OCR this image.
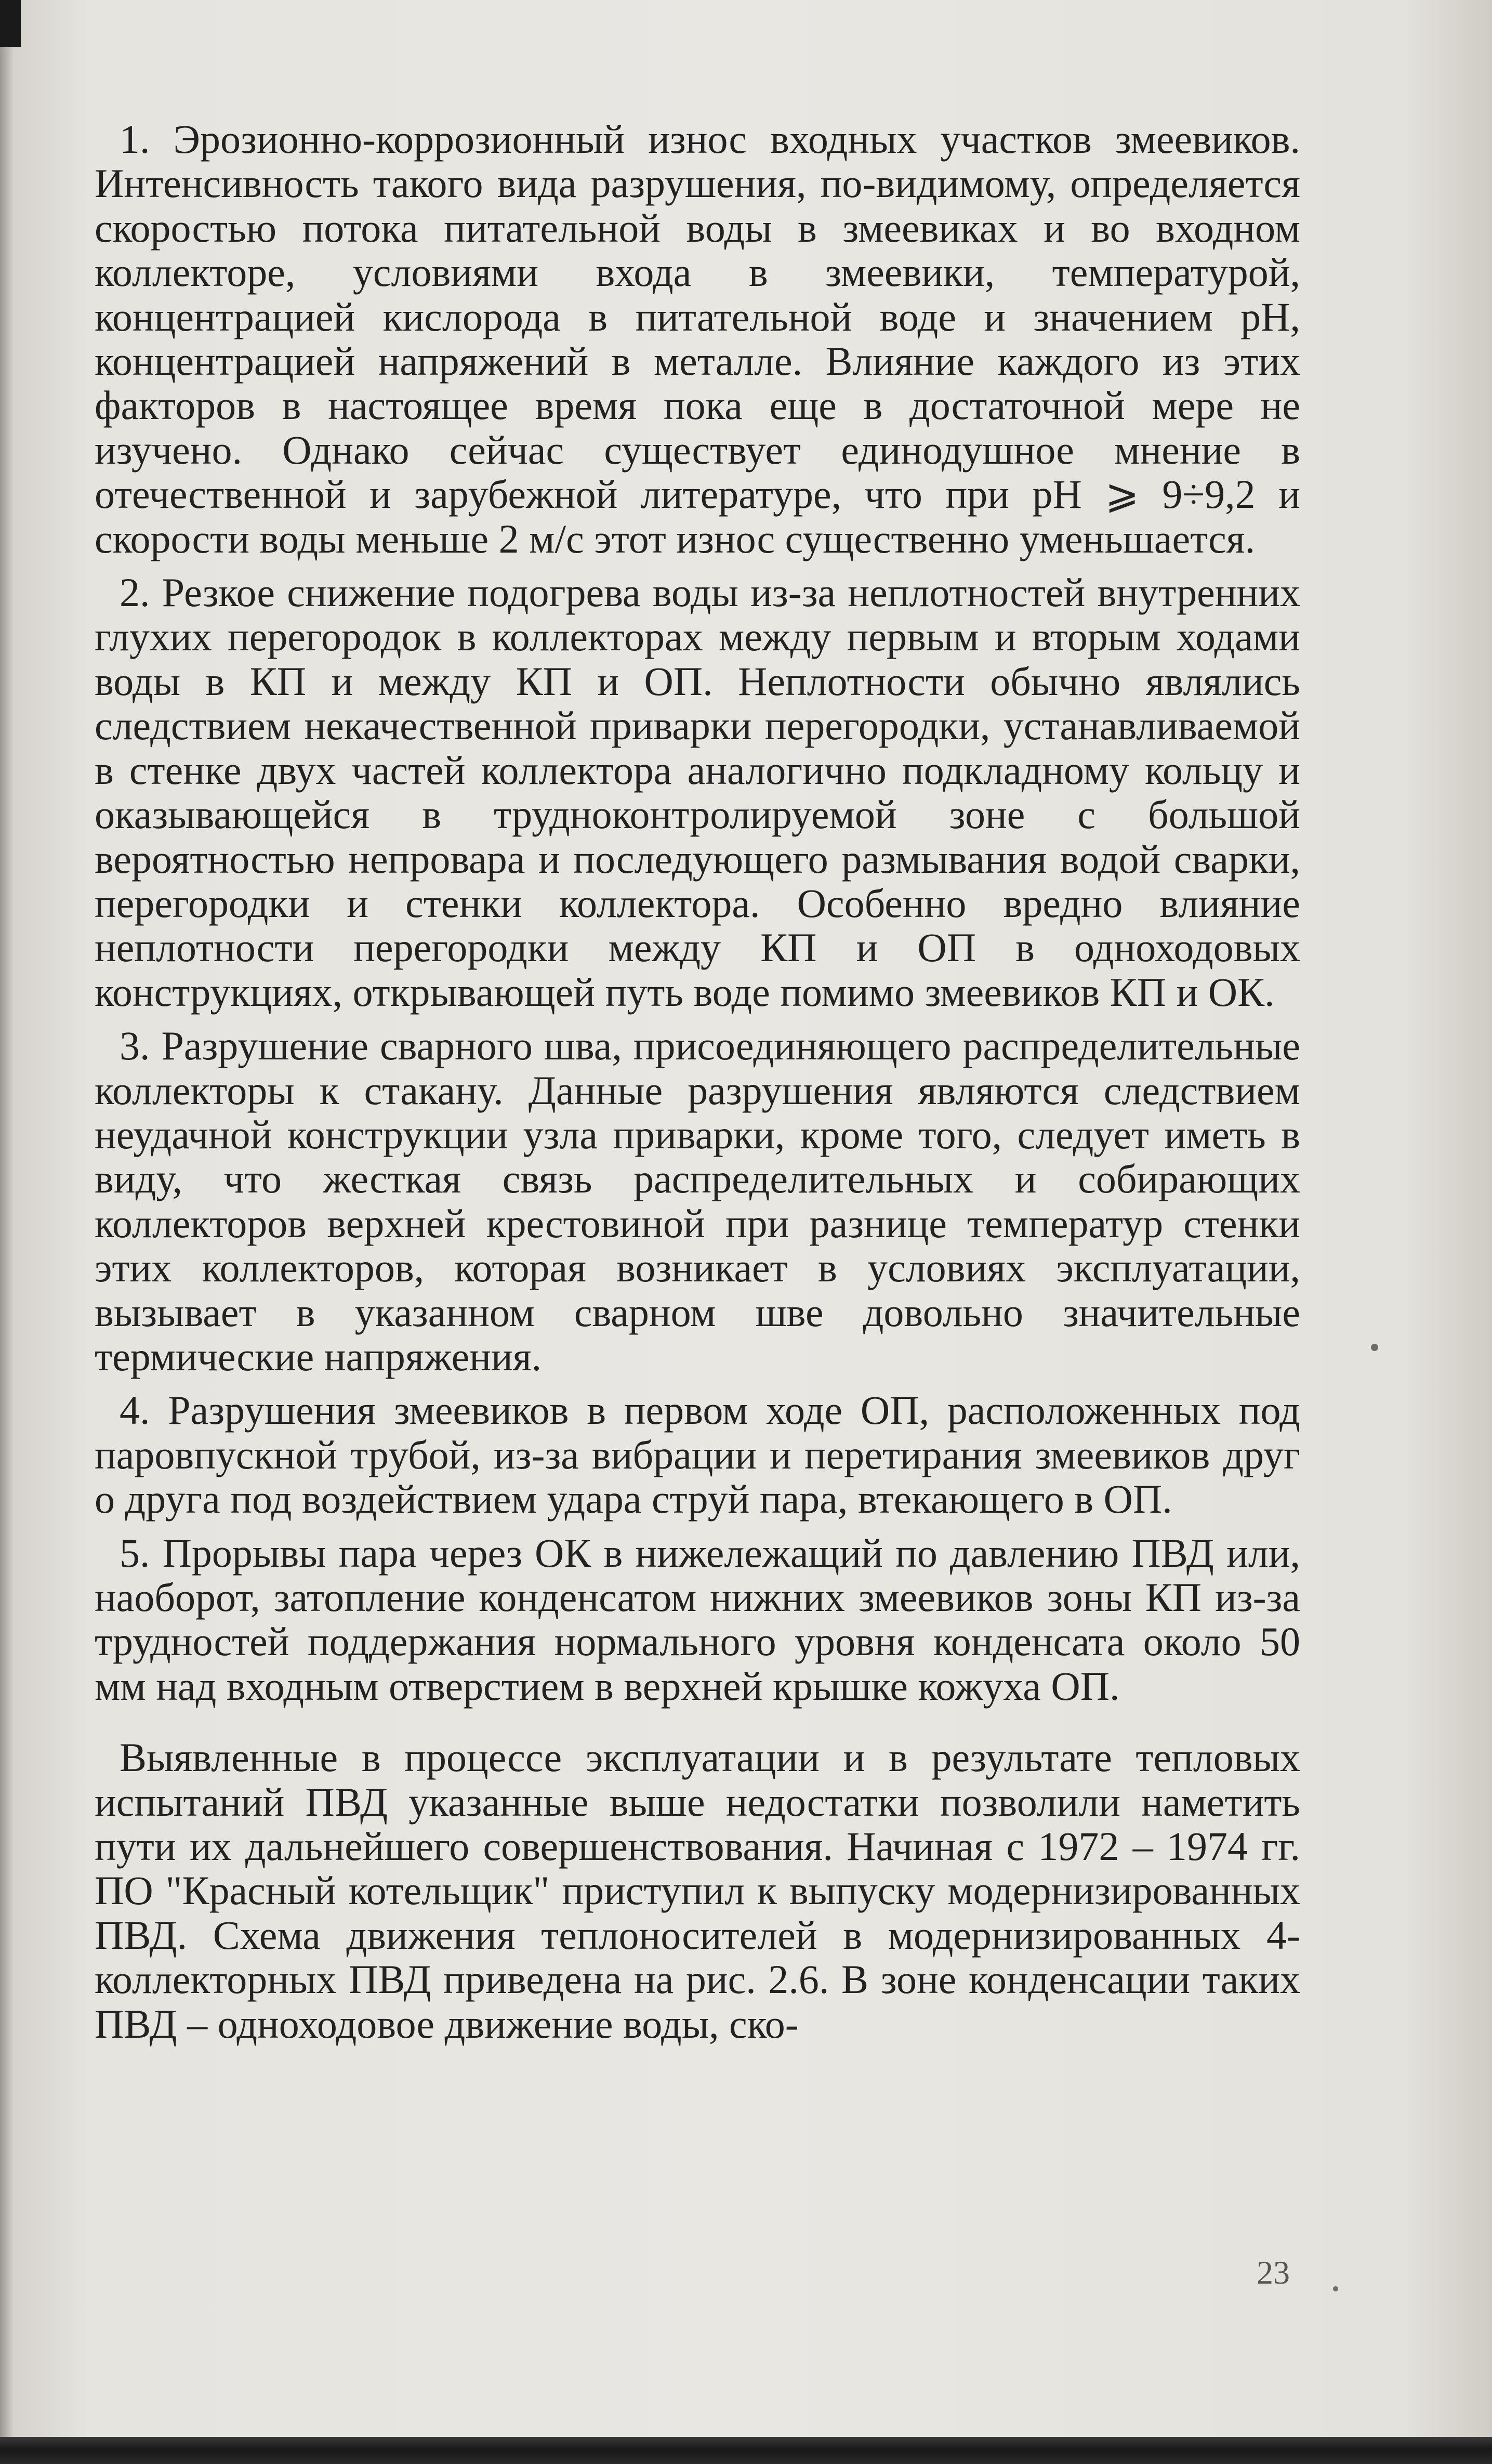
1. Эрозионно-коррозионный износ входных участков змеевиков. Интенсивность такого вида разрушения, по-видимому, определяется скоростью потока питательной воды в змеевиках и во входном коллекторе, условиями входа в змеевики, температурой, концентрацией кислорода в питательной воде и значением pH, концентрацией напряжений в металле. Влияние каждого из этих факторов в настоящее время пока еще в достаточной мере не изучено. Однако сейчас существует единодушное мнение в отечественной и зарубежной литературе, что при pH ⩾ 9÷9,2 и скорости воды меньше 2 м/с этот износ существенно уменьшается.

2. Резкое снижение подогрева воды из-за неплотностей внутренних глухих перегородок в коллекторах между первым и вторым ходами воды в КП и между КП и ОП. Неплотности обычно являлись следствием некачественной приварки перегородки, устанавливаемой в стенке двух частей коллектора аналогично подкладному кольцу и оказывающейся в трудноконтролируемой зоне с большой вероятностью непровара и последующего размывания водой сварки, перегородки и стенки коллектора. Особенно вредно влияние неплотности перегородки между КП и ОП в одноходовых конструкциях, открывающей путь воде помимо змеевиков КП и ОК.

3. Разрушение сварного шва, присоединяющего распределительные коллекторы к стакану. Данные разрушения являются следствием неудачной конструкции узла приварки, кроме того, следует иметь в виду, что жесткая связь распределительных и собирающих коллекторов верхней крестовиной при разнице температур стенки этих коллекторов, которая возникает в условиях эксплуатации, вызывает в указанном сварном шве довольно значительные термические напряжения.

4. Разрушения змеевиков в первом ходе ОП, расположенных под паровпускной трубой, из-за вибрации и перетирания змеевиков друг о друга под воздействием удара струй пара, втекающего в ОП.

5. Прорывы пара через ОК в нижележащий по давлению ПВД или, наоборот, затопление конденсатом нижних змеевиков зоны КП из-за трудностей поддержания нормального уровня конденсата около 50 мм над входным отверстием в верхней крышке кожуха ОП.

Выявленные в процессе эксплуатации и в результате тепловых испытаний ПВД указанные выше недостатки позволили наметить пути их дальнейшего совершенствования. Начиная с 1972 – 1974 гг. ПО "Красный котельщик" приступил к выпуску модернизированных ПВД. Схема движения теплоносителей в модернизированных 4-коллекторных ПВД приведена на рис. 2.6. В зоне конденсации таких ПВД – одноходовое движение воды, ско-

23
